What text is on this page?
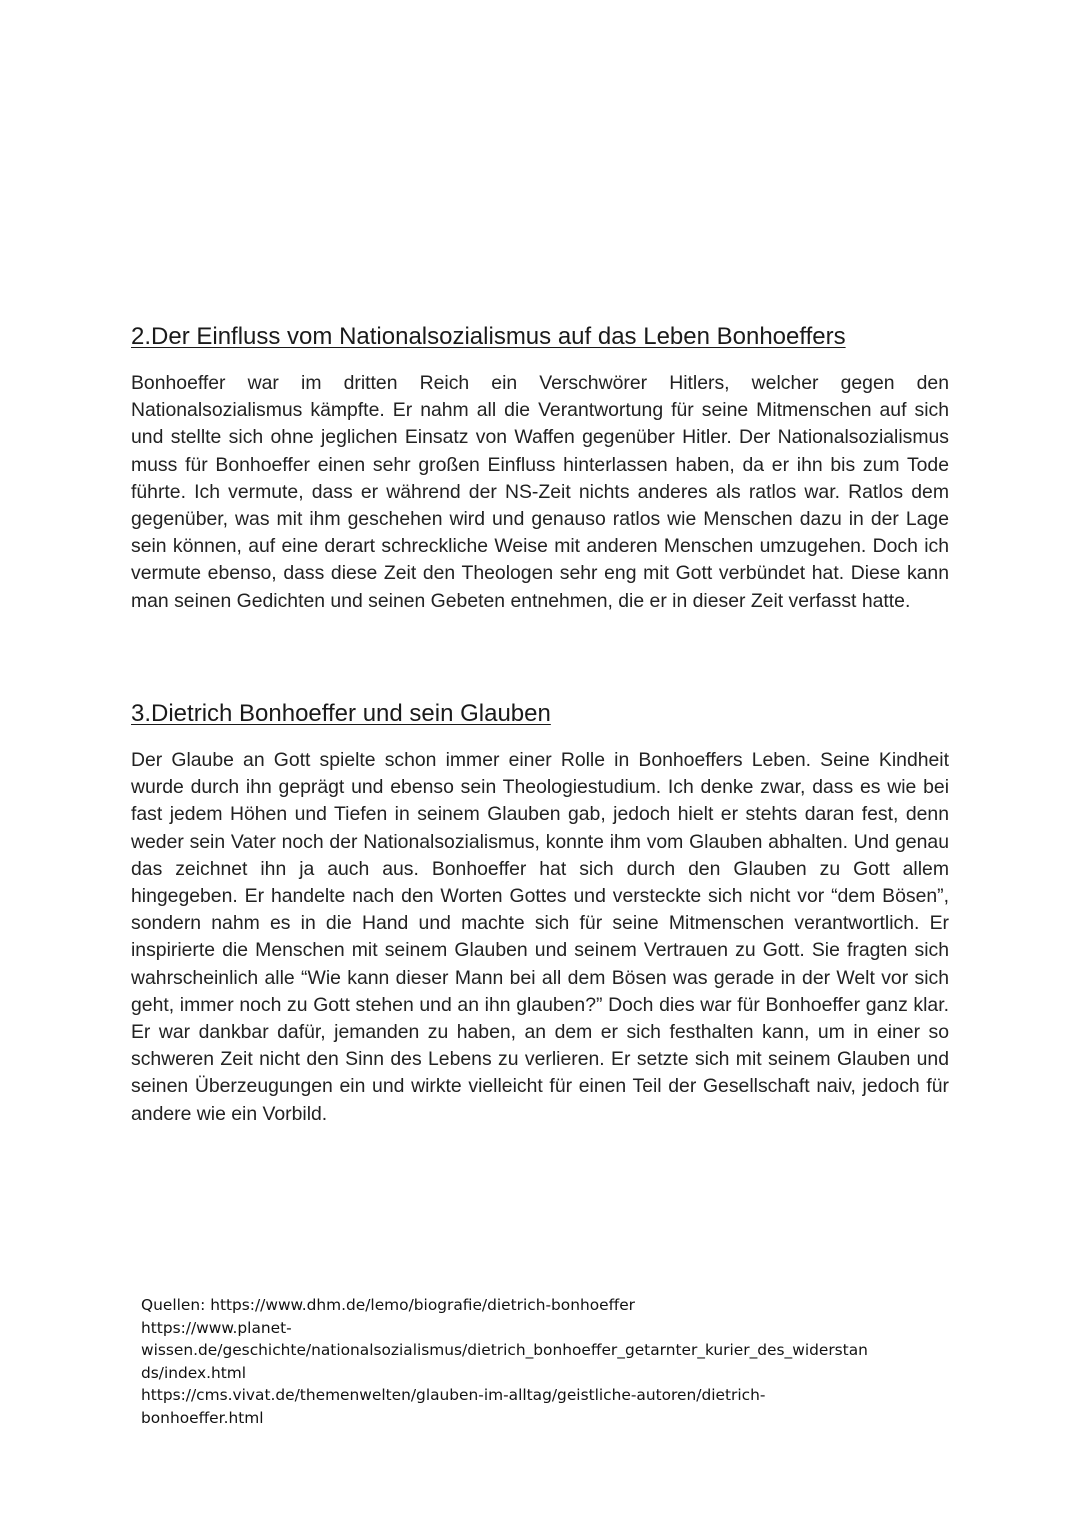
2.Der Einfluss vom Nationalsozialismus auf das Leben Bonhoeffers

Bonhoeffer war im dritten Reich ein Verschwörer Hitlers, welcher gegen den Nationalsozialismus kämpfte. Er nahm all die Verantwortung für seine Mitmenschen auf sich und stellte sich ohne jeglichen Einsatz von Waffen gegenüber Hitler. Der Nationalsozialismus muss für Bonhoeffer einen sehr großen Einfluss hinterlassen haben, da er ihn bis zum Tode führte. Ich vermute, dass er während der NS-Zeit nichts anderes als ratlos war. Ratlos dem gegenüber, was mit ihm geschehen wird und genauso ratlos wie Menschen dazu in der Lage sein können, auf eine derart schreckliche Weise mit anderen Menschen umzugehen. Doch ich vermute ebenso, dass diese Zeit den Theologen sehr eng mit Gott verbündet hat. Diese kann man seinen Gedichten und seinen Gebeten entnehmen, die er in dieser Zeit verfasst hatte.

3.Dietrich Bonhoeffer und sein Glauben

Der Glaube an Gott spielte schon immer einer Rolle in Bonhoeffers Leben. Seine Kindheit wurde durch ihn geprägt und ebenso sein Theologiestudium. Ich denke zwar, dass es wie bei fast jedem Höhen und Tiefen in seinem Glauben gab, jedoch hielt er stehts daran fest, denn weder sein Vater noch der Nationalsozialismus, konnte ihm vom Glauben abhalten. Und genau das zeichnet ihn ja auch aus. Bonhoeffer hat sich durch den Glauben zu Gott allem hingegeben. Er handelte nach den Worten Gottes und versteckte sich nicht vor “dem Bösen”, sondern nahm es in die Hand und machte sich für seine Mitmenschen verantwortlich. Er inspirierte die Menschen mit seinem Glauben und seinem Vertrauen zu Gott. Sie fragten sich wahrscheinlich alle “Wie kann dieser Mann bei all dem Bösen was gerade in der Welt vor sich geht, immer noch zu Gott stehen und an ihn glauben?” Doch dies war für Bonhoeffer ganz klar. Er war dankbar dafür, jemanden zu haben, an dem er sich festhalten kann, um in einer so schweren Zeit nicht den Sinn des Lebens zu verlieren. Er setzte sich mit seinem Glauben und seinen Überzeugungen ein und wirkte vielleicht für einen Teil der Gesellschaft naiv, jedoch für andere wie ein Vorbild.

Quellen: https://www.dhm.de/lemo/biografie/dietrich-bonhoeffer
https://www.planet-
wissen.de/geschichte/nationalsozialismus/dietrich_bonhoeffer_getarnter_kurier_des_widerstan
ds/index.html
https://cms.vivat.de/themenwelten/glauben-im-alltag/geistliche-autoren/dietrich-
bonhoeffer.html
